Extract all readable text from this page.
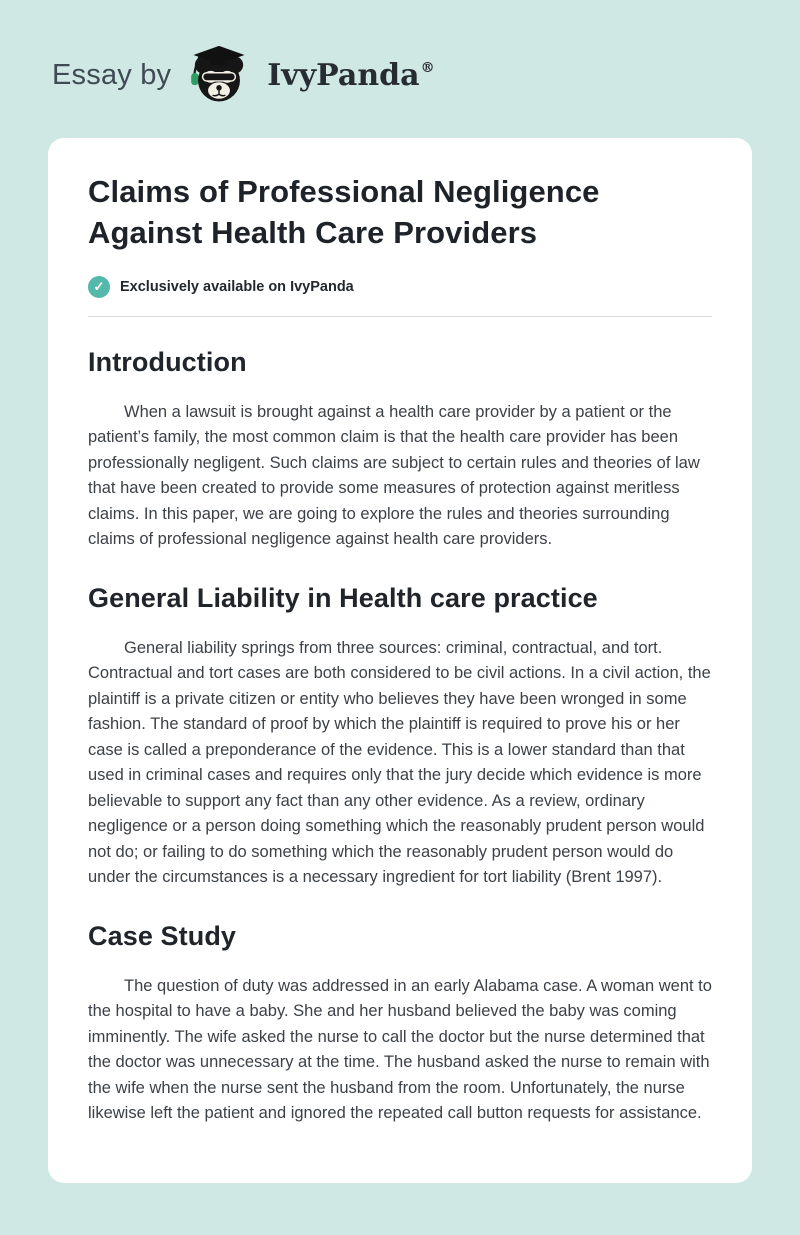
Essay by	IvyPanda ®
Claims of Professional Negligence Against Health Care Providers
✓	Exclusively available on IvyPanda
Introduction

When a lawsuit is brought against a health care provider by a patient or the patient’s family, the most common claim is that the health care provider has been professionally negligent. Such claims are subject to certain rules and theories of law that have been created to provide some measures of protection against meritless claims. In this paper, we are going to explore the rules and theories surrounding claims of professional negligence against health care providers.

General Liability in Health care practice

General liability springs from three sources: criminal, contractual, and tort. Contractual and tort cases are both considered to be civil actions. In a civil action, the plaintiff is a private citizen or entity who believes they have been wronged in some fashion. The standard of proof by which the plaintiff is required to prove his or her case is called a preponderance of the evidence. This is a lower standard than that used in criminal cases and requires only that the jury decide which evidence is more believable to support any fact than any other evidence. As a review, ordinary negligence or a person doing something which the reasonably prudent person would not do; or failing to do something which the reasonably prudent person would do under the circumstances is a necessary ingredient for tort liability (Brent 1997).

Case Study

The question of duty was addressed in an early Alabama case. A woman went to the hospital to have a baby. She and her husband believed the baby was coming imminently. The wife asked the nurse to call the doctor but the nurse determined that the doctor was unnecessary at the time. The husband asked the nurse to remain with the wife when the nurse sent the husband from the room. Unfortunately, the nurse likewise left the patient and ignored the repeated call button requests for assistance.
